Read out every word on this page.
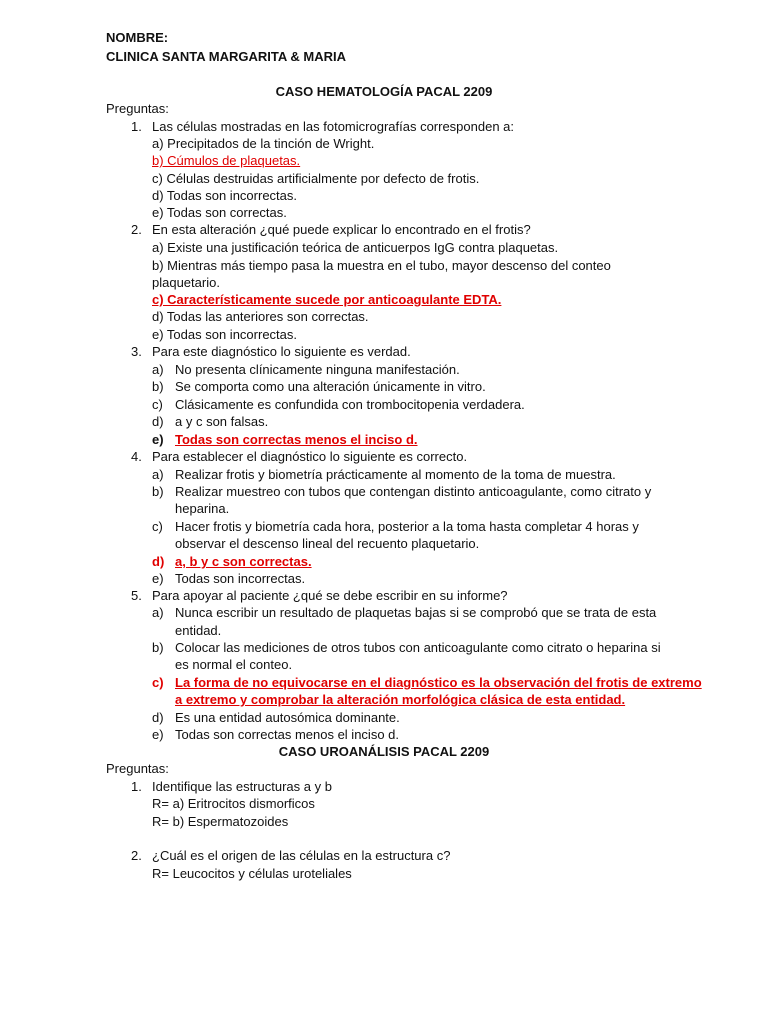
NOMBRE:
CLINICA SANTA MARGARITA & MARIA
CASO HEMATOLOGÍA PACAL 2209
Preguntas:
1. Las células mostradas en las fotomicrografías corresponden a:
a) Precipitados de la tinción de Wright.
b) Cúmulos de plaquetas.
c) Células destruidas artificialmente por defecto de frotis.
d) Todas son incorrectas.
e) Todas son correctas.
2. En esta alteración ¿qué puede explicar lo encontrado en el frotis?
a) Existe una justificación teórica de anticuerpos IgG contra plaquetas.
b) Mientras más tiempo pasa la muestra en el tubo, mayor descenso del conteo
plaquetario.
c) Característicamente sucede por anticoagulante EDTA.
d) Todas las anteriores son correctas.
e) Todas son incorrectas.
3. Para este diagnóstico lo siguiente es verdad.
a) No presenta clínicamente ninguna manifestación.
b) Se comporta como una alteración únicamente in vitro.
c) Clásicamente es confundida con trombocitopenia verdadera.
d) a y c son falsas.
e) Todas son correctas menos el inciso d.
4. Para establecer el diagnóstico lo siguiente es correcto.
a) Realizar frotis y biometría prácticamente al momento de la toma de muestra.
b) Realizar muestreo con tubos que contengan distinto anticoagulante, como citrato y
heparina.
c) Hacer frotis y biometría cada hora, posterior a la toma hasta completar 4 horas y
observar el descenso lineal del recuento plaquetario.
d) a, b y c son correctas.
e) Todas son incorrectas.
5. Para apoyar al paciente ¿qué se debe escribir en su informe?
a) Nunca escribir un resultado de plaquetas bajas si se comprobó que se trata de esta
entidad.
b) Colocar las mediciones de otros tubos con anticoagulante como citrato o heparina si
es normal el conteo.
c) La forma de no equivocarse en el diagnóstico es la observación del frotis de extremo
a extremo y comprobar la alteración morfológica clásica de esta entidad.
d) Es una entidad autosómica dominante.
e) Todas son correctas menos el inciso d.
CASO UROANÁLISIS PACAL 2209
Preguntas:
1. Identifique las estructuras a y b
R= a) Eritrocitos dismorficos
R= b) Espermatozoides
2. ¿Cuál es el origen de las células en la estructura c?
R= Leucocitos y células uroteliales
